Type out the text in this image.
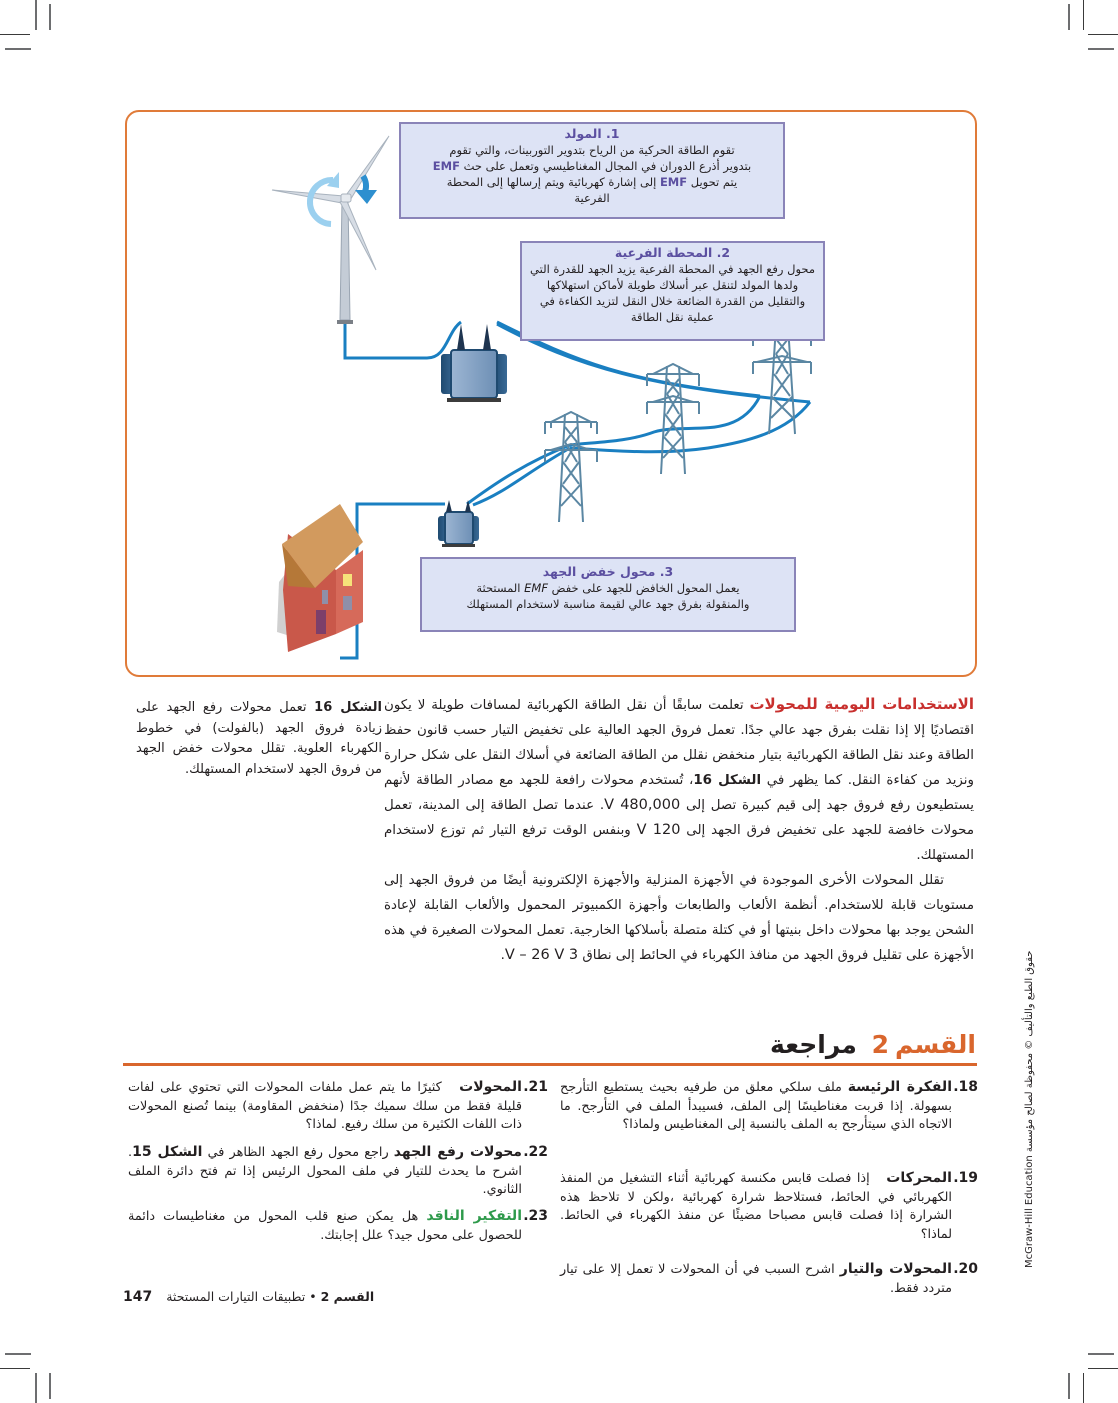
1. المولد
تقوم الطاقة الحركية من الرياح بتدوير التوربينات، والتي تقوم
بتدوير أذرع الدوران في المجال المغناطيسي وتعمل على حث EMF
يتم تحويل EMF إلى إشارة كهربائية ويتم إرسالها إلى المحطة
الفرعية
2. المحطة الفرعية
محول رفع الجهد في المحطة الفرعية يزيد الجهد للقدرة التي ولدها المولد لتنقل عبر أسلاك طويلة لأماكن استهلاكها والتقليل من القدرة الضائعة خلال النقل لتزيد الكفاءة في عملية نقل الطاقة
3. محول خفض الجهد
يعمل المحول الخافض للجهد على خفض EMF المستحثة
والمنقولة بفرق جهد عالي لقيمة مناسبة لاستخدام المستهلك
الشكل 16 تعمل محولات رفع الجهد على زيادة فروق الجهد (بالفولت) في خطوط الكهرباء العلوية. تقلل محولات خفض الجهد من فروق الجهد لاستخدام المستهلك.

الاستخدامات اليومية للمحولات تعلمت سابقًا أن نقل الطاقة الكهربائية لمسافات طويلة لا يكون اقتصاديًا إلا إذا نقلت بفرق جهد عالي جدًا. تعمل فروق الجهد العالية على تخفيض التيار حسب قانون حفظ الطاقة وعند نقل الطاقة الكهربائية بتيار منخفض نقلل من الطاقة الضائعة في أسلاك النقل على شكل حرارة ونزيد من كفاءة النقل. كما يظهر في الشكل 16، تُستخدم محولات رافعة للجهد مع مصادر الطاقة لأنهم يستطيعون رفع فروق جهد إلى قيم كبيرة تصل إلى 480,000 V. عندما تصل الطاقة إلى المدينة، تعمل محولات خافضة للجهد على تخفيض فرق الجهد إلى 120 V وبنفس الوقت ترفع التيار ثم توزع لاستخدام المستهلك.

تقلل المحولات الأخرى الموجودة في الأجهزة المنزلية والأجهزة الإلكترونية أيضًا من فروق الجهد إلى مستويات قابلة للاستخدام. أنظمة الألعاب والطابعات وأجهزة الكمبيوتر المحمول والألعاب القابلة لإعادة الشحن يوجد بها محولات داخل بنيتها أو في كتلة متصلة بأسلاكها الخارجية. تعمل المحولات الصغيرة في هذه الأجهزة على تقليل فروق الجهد من منافذ الكهرباء في الحائط إلى نطاق 3 V – 26 V.

القسم2 مراجعة
18.
الفكرة الرئيسة ملف سلكي معلق من طرفيه بحيث يستطيع التأرجح بسهولة. إذا قربت مغناطيسًا إلى الملف، فسيبدأ الملف في التأرجح. ما الاتجاه الذي سيتأرجح به الملف بالنسبة إلى المغناطيس ولماذا؟
19.
المحركات   إذا فصلت قابس مكنسة كهربائية أثناء التشغيل من المنفذ الكهربائي في الحائط، فستلاحظ شرارة كهربائية ،ولكن لا تلاحظ هذه الشرارة إذا فصلت قابس مصباحا مضيئًا عن منفذ الكهرباء في الحائط. لماذا؟
20.
المحولات والتيار اشرح السبب في أن المحولات لا تعمل إلا على تيار متردد فقط.
21.
المحولات   كثيرًا ما يتم عمل ملفات المحولات التي تحتوي على لفات قليلة فقط من سلك سميك جدًا (منخفض المقاومة) بينما تُصنع المحولات ذات اللفات الكثيرة من سلك رفيع. لماذا؟
22.
محولات رفع الجهد راجع محول رفع الجهد الظاهر في الشكل 15. اشرح ما يحدث للتيار في ملف المحول الرئيس إذا تم فتح دائرة الملف الثانوي.
23.
التفكير الناقد هل يمكن صنع قلب المحول من مغناطيسات دائمة للحصول على محول جيد؟ علل إجابتك.
147	القسم 2 • تطبيقات التيارات المستحثة
حقوق الطبع والتأليف © محفوظة لصالح مؤسسة McGraw-Hill Education
